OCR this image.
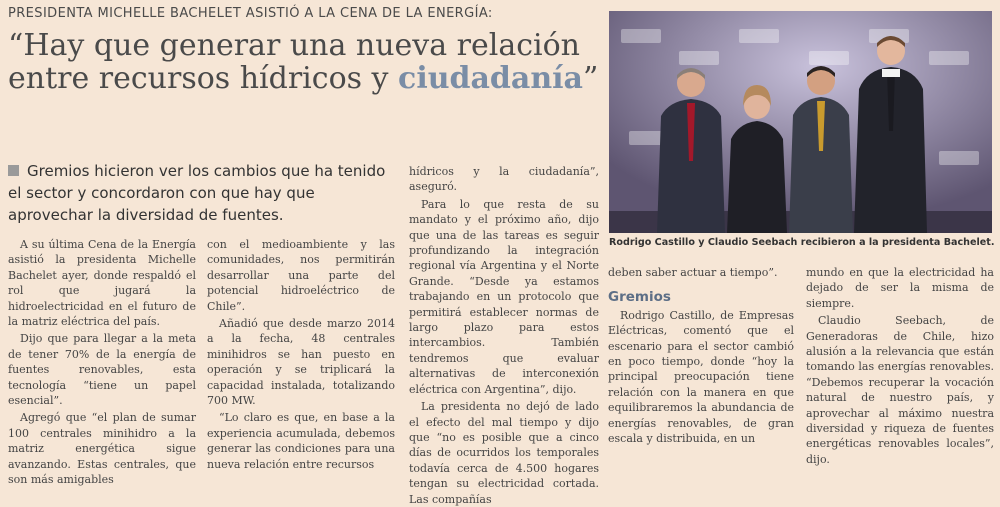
PRESIDENTA MICHELLE BACHELET ASISTIÓ A LA CENA DE LA ENERGÍA:
“Hay que generar una nueva relación entre recursos hídricos y ciudadanía”
Gremios hicieron ver los cambios que ha tenido el sector y concordaron con que hay que aprovechar la diversidad de fuentes.

A su última Cena de la Energía asistió la presidenta Michelle Bachelet ayer, donde respaldó el rol que jugará la hidroelectricidad en el futuro de la matriz eléctrica del país.

Dijo que para llegar a la meta de tener 70% de la energía de fuentes renovables, esta tecnología “tiene un papel esencial”.

Agregó que “el plan de sumar 100 centrales minihidro a la matriz energética sigue avanzando. Estas centrales, que son más amigables

con el medioambiente y las comunidades, nos permitirán desarrollar una parte del potencial hidroeléctrico de Chile”.

Añadió que desde marzo 2014 a la fecha, 48 centrales minihidros se han puesto en operación y se triplicará la capacidad instalada, totalizando 700 MW.

“Lo claro es que, en base a la experiencia acumulada, debemos generar las condiciones para una nueva relación entre recursos

hídricos y la ciudadanía”, aseguró.

Para lo que resta de su mandato y el próximo año, dijo que una de las tareas es seguir profundizando la integración regional vía Argentina y el Norte Grande. “Desde ya estamos trabajando en un protocolo que permitirá establecer normas de largo plazo para estos intercambios. También tendremos que evaluar alternativas de interconexión eléctrica con Argentina”, dijo.

La presidenta no dejó de lado el efecto del mal tiempo y dijo que “no es posible que a cinco días de ocurridos los temporales todavía cerca de 4.500 hogares tengan su electricidad cortada. Las compañías

Rodrigo Castillo y Claudio Seebach recibieron a la presidenta Bachelet.

deben saber actuar a tiempo”.

Gremios

Rodrigo Castillo, de Empresas Eléctricas, comentó que el escenario para el sector cambió en poco tiempo, donde “hoy la principal preocupación tiene relación con la manera en que equilibraremos la abundancia de energías renovables, de gran escala y distribuida, en un

mundo en que la electricidad ha dejado de ser la misma de siempre.

Claudio Seebach, de Generadoras de Chile, hizo alusión a la relevancia que están tomando las energías renovables. “Debemos recuperar la vocación natural de nuestro país, y aprovechar al máximo nuestra diversidad y riqueza de fuentes energéticas renovables locales”, dijo.
